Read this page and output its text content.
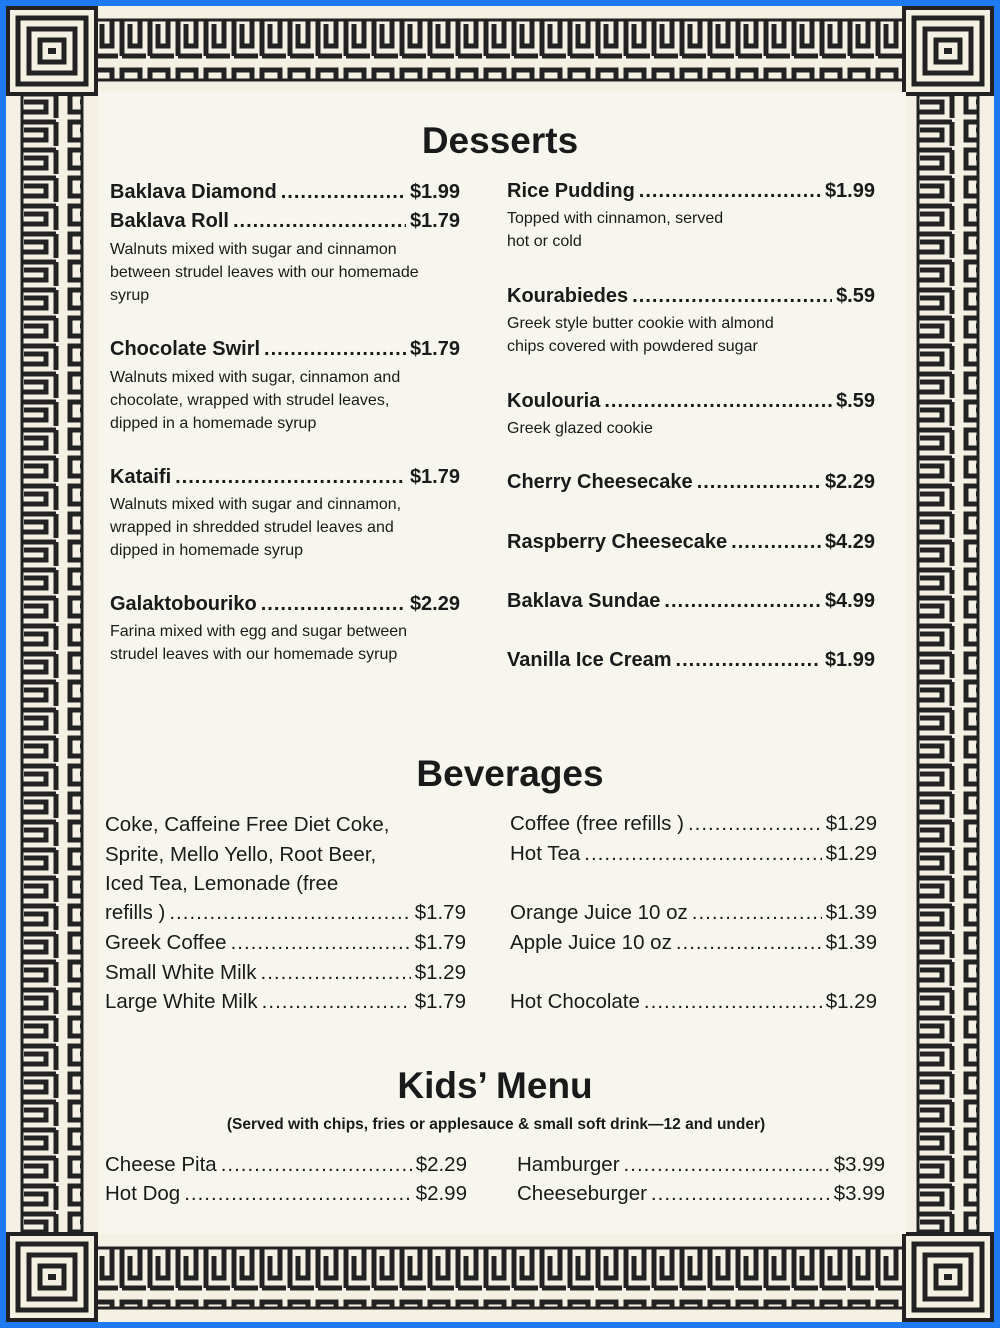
Desserts
Baklava Diamond .....	$1.99
Baklava Roll .....	$1.79
Walnuts mixed with sugar and cinnamon
between strudel leaves with our homemade
syrup
Chocolate Swirl .....	$1.79
Walnuts mixed with sugar, cinnamon and
chocolate, wrapped with strudel leaves,
dipped in a homemade syrup
Kataifi .....	$1.79
Walnuts mixed with sugar and cinnamon,
wrapped in shredded strudel leaves and
dipped in homemade syrup
Galaktobouriko .....	$2.29
Farina mixed with egg and sugar between
strudel leaves with our homemade syrup
Rice Pudding .....	$1.99
Topped with cinnamon, served
hot or cold
Kourabiedes .....	$.59
Greek style butter cookie with almond
chips covered with powdered sugar
Koulouria .....	$.59
Greek glazed cookie
Cherry Cheesecake .....	$2.29
Raspberry Cheesecake .....	$4.29
Baklava Sundae .....	$4.99
Vanilla Ice Cream .....	$1.99
Beverages
Coke, Caffeine Free Diet Coke,
Sprite, Mello Yello, Root Beer,
Iced Tea, Lemonade (free
refills ) .....	$1.79
Greek Coffee .....	$1.79
Small White Milk .....	$1.29
Large White Milk .....	$1.79
Coffee (free refills ) .....	$1.29
Hot Tea .....	$1.29
Orange Juice 10 oz .....	$1.39
Apple Juice 10 oz .....	$1.39
Hot Chocolate .....	$1.29
Kids’ Menu
(Served with chips, fries or applesauce & small soft drink—12 and under)
Cheese Pita .....	$2.29
Hot Dog .....	$2.99
Hamburger .....	$3.99
Cheeseburger .....	$3.99
